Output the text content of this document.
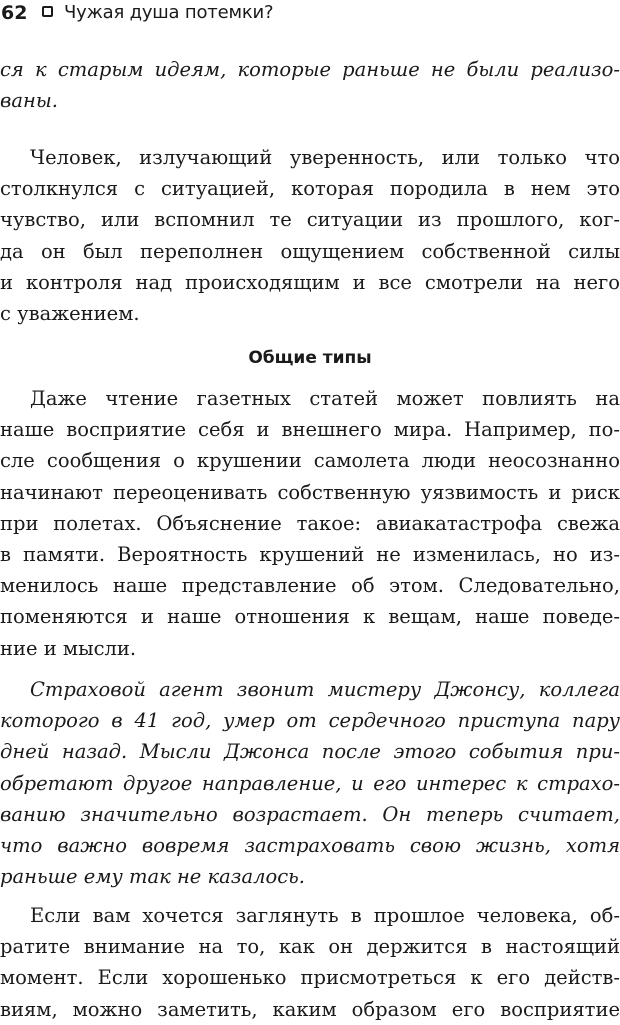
62 Чужая душа потемки?
ся к старым идеям, которые раньше не были реализо-
ваны.
Человек, излучающий уверенность, или только что
столкнулся с ситуацией, которая породила в нем это
чувство, или вспомнил те ситуации из прошлого, ког-
да он был переполнен ощущением собственной силы
и контроля над происходящим и все смотрели на него
с уважением.
Общие типы
Даже чтение газетных статей может повлиять на
наше восприятие себя и внешнего мира. Например, по-
сле сообщения о крушении самолета люди неосознанно
начинают переоценивать собственную уязвимость и риск
при полетах. Объяснение такое: авиакатастрофа свежа
в памяти. Вероятность крушений не изменилась, но из-
менилось наше представление об этом. Следовательно,
поменяются и наше отношения к вещам, наше поведе-
ние и мысли.
Страховой агент звонит мистеру Джонсу, коллега
которого в 41 год, умер от сердечного приступа пару
дней назад. Мысли Джонса после этого события при-
обретают другое направление, и его интерес к страхо-
ванию значительно возрастает. Он теперь считает,
что важно вовремя застраховать свою жизнь, хотя
раньше ему так не казалось.
Если вам хочется заглянуть в прошлое человека, об-
ратите внимание на то, как он держится в настоящий
момент. Если хорошенько присмотреться к его действ-
виям, можно заметить, каким образом его восприятие
